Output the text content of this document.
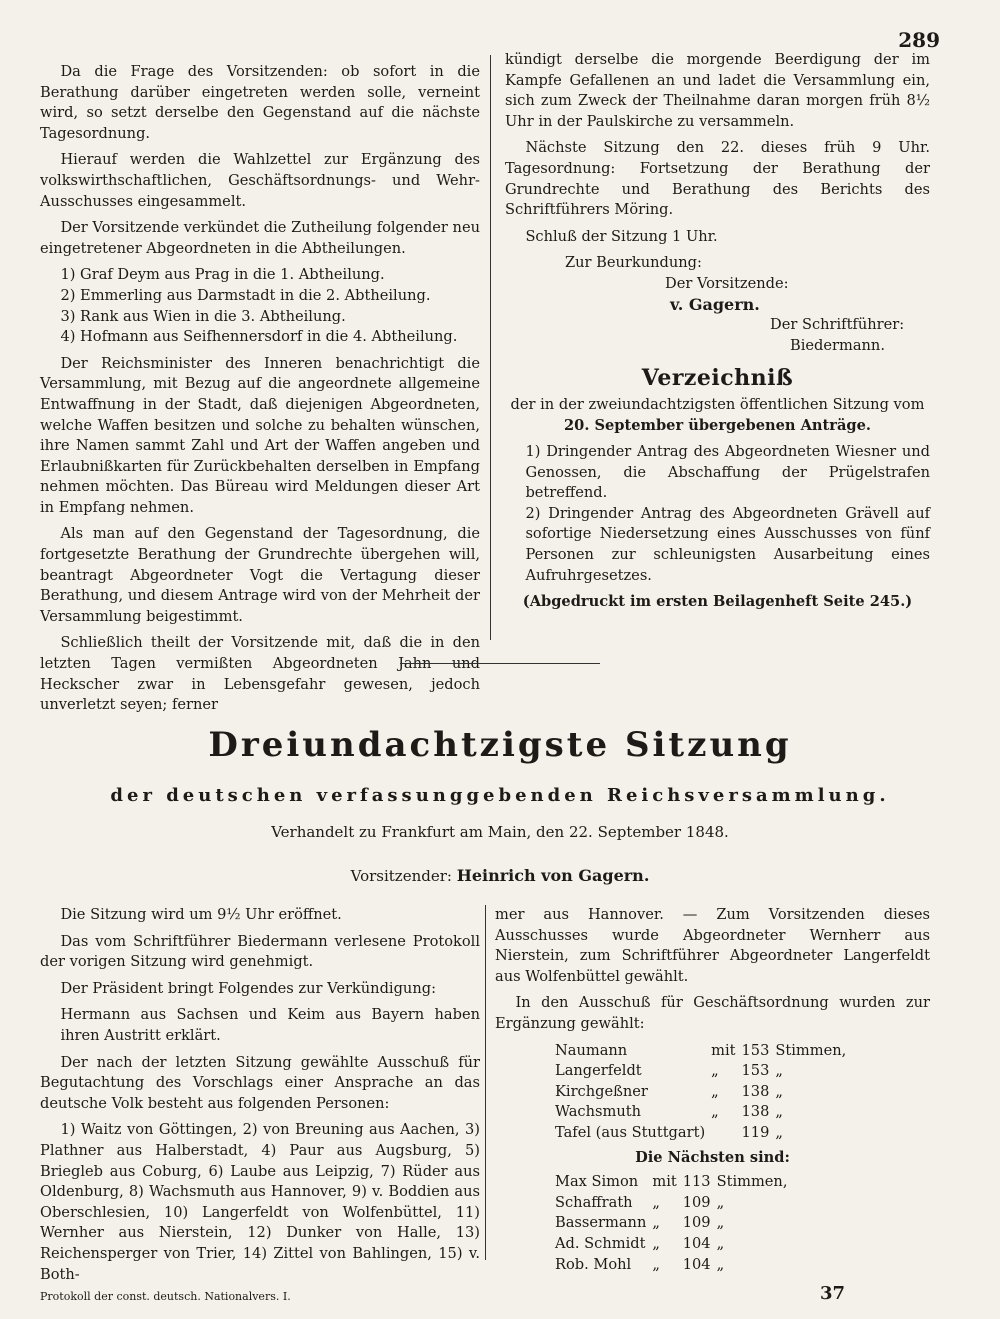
289

Da die Frage des Vorsitzenden: ob sofort in die Berathung darüber eingetreten werden solle, verneint wird, so setzt derselbe den Gegenstand auf die nächste Tagesordnung.

Hierauf werden die Wahlzettel zur Ergänzung des volkswirthschaftlichen, Geschäftsordnungs- und Wehr-Ausschusses eingesammelt.

Der Vorsitzende verkündet die Zutheilung folgender neu eingetretener Abgeordneten in die Abtheilungen.

1) Graf Deym aus Prag in die 1. Abtheilung.
2) Emmerling aus Darmstadt in die 2. Abtheilung.
3) Rank aus Wien in die 3. Abtheilung.
4) Hofmann aus Seifhennersdorf in die 4. Abtheilung.

Der Reichsminister des Inneren benachrichtigt die Versammlung, mit Bezug auf die angeordnete allgemeine Entwaffnung in der Stadt, daß diejenigen Abgeordneten, welche Waffen besitzen und solche zu behalten wünschen, ihre Namen sammt Zahl und Art der Waffen angeben und Erlaubnißkarten für Zurückbehalten derselben in Empfang nehmen möchten. Das Büreau wird Meldungen dieser Art in Empfang nehmen.

Als man auf den Gegenstand der Tagesordnung, die fortgesetzte Berathung der Grundrechte übergehen will, beantragt Abgeordneter Vogt die Vertagung dieser Berathung, und diesem Antrage wird von der Mehrheit der Versammlung beigestimmt.

Schließlich theilt der Vorsitzende mit, daß die in den letzten Tagen vermißten Abgeordneten Jahn und Heckscher zwar in Lebensgefahr gewesen, jedoch unverletzt seyen; ferner

kündigt derselbe die morgende Beerdigung der im Kampfe Gefallenen an und ladet die Versammlung ein, sich zum Zweck der Theilnahme daran morgen früh 8½ Uhr in der Paulskirche zu versammeln.

Nächste Sitzung den 22. dieses früh 9 Uhr. Tagesordnung: Fortsetzung der Berathung der Grundrechte und Berathung des Berichts des Schriftführers Möring.

Schluß der Sitzung 1 Uhr.

Zur Beurkundung:
Der Vorsitzende:
v. Gagern.
Der Schriftführer:
Biedermann.
Verzeichniß
der in der zweiundachtzigsten öffentlichen Sitzung vom
20. September übergebenen Anträge.
1) Dringender Antrag des Abgeordneten Wiesner und Genossen, die Abschaffung der Prügelstrafen betreffend.
2) Dringender Antrag des Abgeordneten Grävell auf sofortige Niedersetzung eines Ausschusses von fünf Personen zur schleunigsten Ausarbeitung eines Aufruhrgesetzes.
(Abgedruckt im ersten Beilagenheft Seite 245.)
Dreiundachtzigste Sitzung
der deutschen verfassunggebenden Reichsversammlung.
Verhandelt zu Frankfurt am Main, den 22. September 1848.
Vorsitzender: Heinrich von Gagern.

Die Sitzung wird um 9½ Uhr eröffnet.

Das vom Schriftführer Biedermann verlesene Protokoll der vorigen Sitzung wird genehmigt.

Der Präsident bringt Folgendes zur Verkündigung:

Hermann aus Sachsen und Keim aus Bayern haben ihren Austritt erklärt.

Der nach der letzten Sitzung gewählte Ausschuß für Begutachtung des Vorschlags einer Ansprache an das deutsche Volk besteht aus folgenden Personen:

1) Waitz von Göttingen, 2) von Breuning aus Aachen, 3) Plathner aus Halberstadt, 4) Paur aus Augsburg, 5) Briegleb aus Coburg, 6) Laube aus Leipzig, 7) Rüder aus Oldenburg, 8) Wachsmuth aus Hannover, 9) v. Boddien aus Oberschlesien, 10) Langerfeldt von Wolfenbüttel, 11) Wernher aus Nierstein, 12) Dunker von Halle, 13) Reichensperger von Trier, 14) Zittel von Bahlingen, 15) v. Both-

mer aus Hannover. — Zum Vorsitzenden dieses Ausschusses wurde Abgeordneter Wernherr aus Nierstein, zum Schriftführer Abgeordneter Langerfeldt aus Wolfenbüttel gewählt.

In den Ausschuß für Geschäftsordnung wurden zur Ergänzung gewählt:

Naumann	mit	153	Stimmen,
Langerfeldt	„	153	„
Kirchgeßner	„	138	„
Wachsmuth	„	138	„
Tafel (aus Stuttgart)		119	„
Die Nächsten sind:
Max Simon	mit	113	Stimmen,
Schaffrath	„	109	„
Bassermann	„	109	„
Ad. Schmidt	„	104	„
Rob. Mohl	„	104	„
Protokoll der const. deutsch. Nationalvers. I.	37
